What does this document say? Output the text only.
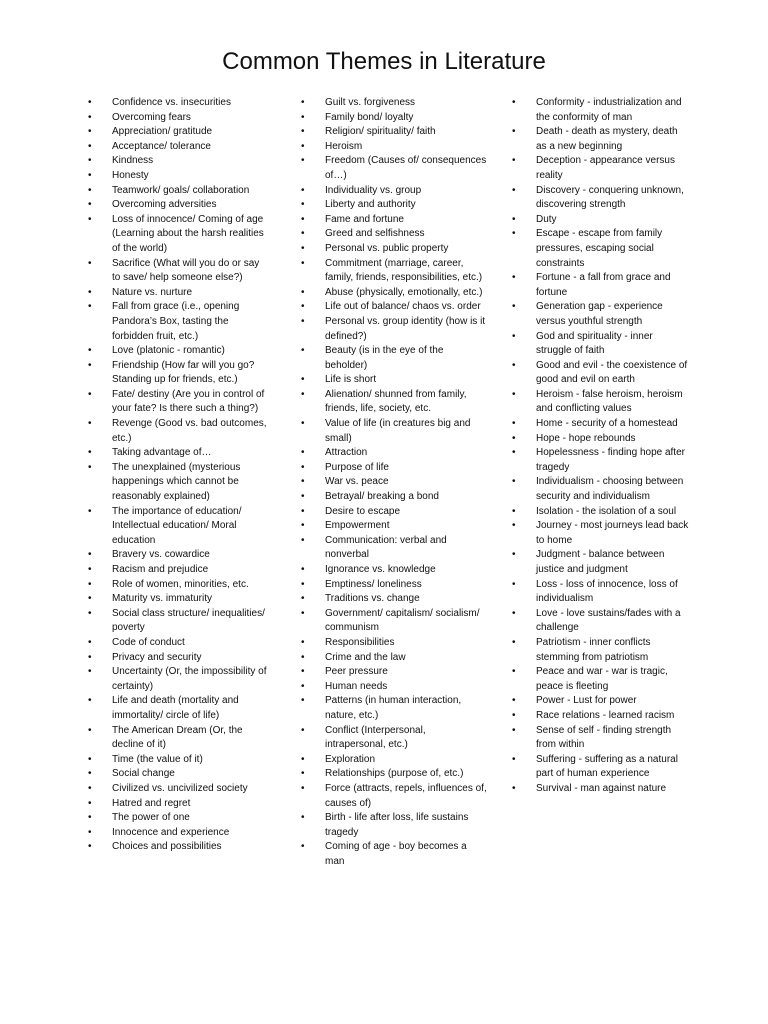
Common Themes in Literature
• Confidence vs. insecurities
• Overcoming fears
• Appreciation/ gratitude
• Acceptance/ tolerance
• Kindness
• Honesty
• Teamwork/ goals/ collaboration
• Overcoming adversities
• Loss of innocence/ Coming of age (Learning about the harsh realities of the world)
• Sacrifice (What will you do or say to save/ help someone else?)
• Nature vs. nurture
• Fall from grace (i.e., opening Pandora’s Box, tasting the forbidden fruit, etc.)
• Love (platonic - romantic)
• Friendship (How far will you go? Standing up for friends, etc.)
• Fate/ destiny (Are you in control of your fate? Is there such a thing?)
• Revenge (Good vs. bad outcomes, etc.)
• Taking advantage of…
• The unexplained (mysterious happenings which cannot be reasonably explained)
• The importance of education/ Intellectual education/ Moral education
• Bravery vs. cowardice
• Racism and prejudice
• Role of women, minorities, etc.
• Maturity vs. immaturity
• Social class structure/ inequalities/ poverty
• Code of conduct
• Privacy and security
• Uncertainty (Or, the impossibility of certainty)
• Life and death (mortality and immortality/ circle of life)
• The American Dream (Or, the decline of it)
• Time (the value of it)
• Social change
• Civilized vs. uncivilized society
• Hatred and regret
• The power of one
• Innocence and experience
• Choices and possibilities
• Guilt vs. forgiveness
• Family bond/ loyalty
• Religion/ spirituality/ faith
• Heroism
• Freedom (Causes of/ consequences of…)
• Individuality vs. group
• Liberty and authority
• Fame and fortune
• Greed and selfishness
• Personal vs. public property
• Commitment (marriage, career, family, friends, responsibilities, etc.)
• Abuse (physically, emotionally, etc.)
• Life out of balance/ chaos vs. order
• Personal vs. group identity (how is it defined?)
• Beauty (is in the eye of the beholder)
• Life is short
• Alienation/ shunned from family, friends, life, society, etc.
• Value of life (in creatures big and small)
• Attraction
• Purpose of life
• War vs. peace
• Betrayal/ breaking a bond
• Desire to escape
• Empowerment
• Communication: verbal and nonverbal
• Ignorance vs. knowledge
• Emptiness/ loneliness
• Traditions vs. change
• Government/ capitalism/ socialism/ communism
• Responsibilities
• Crime and the law
• Peer pressure
• Human needs
• Patterns (in human interaction, nature, etc.)
• Conflict (Interpersonal, intrapersonal, etc.)
• Exploration
• Relationships (purpose of, etc.)
• Force (attracts, repels, influences of, causes of)
• Birth - life after loss, life sustains tragedy
• Coming of age - boy becomes a man
• Conformity - industrialization and the conformity of man
• Death - death as mystery, death as a new beginning
• Deception - appearance versus reality
• Discovery - conquering unknown, discovering strength
• Duty
• Escape - escape from family pressures, escaping social constraints
• Fortune - a fall from grace and fortune
• Generation gap - experience versus youthful strength
• God and spirituality - inner struggle of faith
• Good and evil - the coexistence of good and evil on earth
• Heroism - false heroism, heroism and conflicting values
• Home - security of a homestead
• Hope - hope rebounds
• Hopelessness - finding hope after tragedy
• Individualism - choosing between security and individualism
• Isolation - the isolation of a soul
• Journey - most journeys lead back to home
• Judgment - balance between justice and judgment
• Loss - loss of innocence, loss of individualism
• Love - love sustains/fades with a challenge
• Patriotism - inner conflicts stemming from patriotism
• Peace and war - war is tragic, peace is fleeting
• Power - Lust for power
• Race relations - learned racism
• Sense of self - finding strength from within
• Suffering - suffering as a natural part of human experience
• Survival - man against nature
